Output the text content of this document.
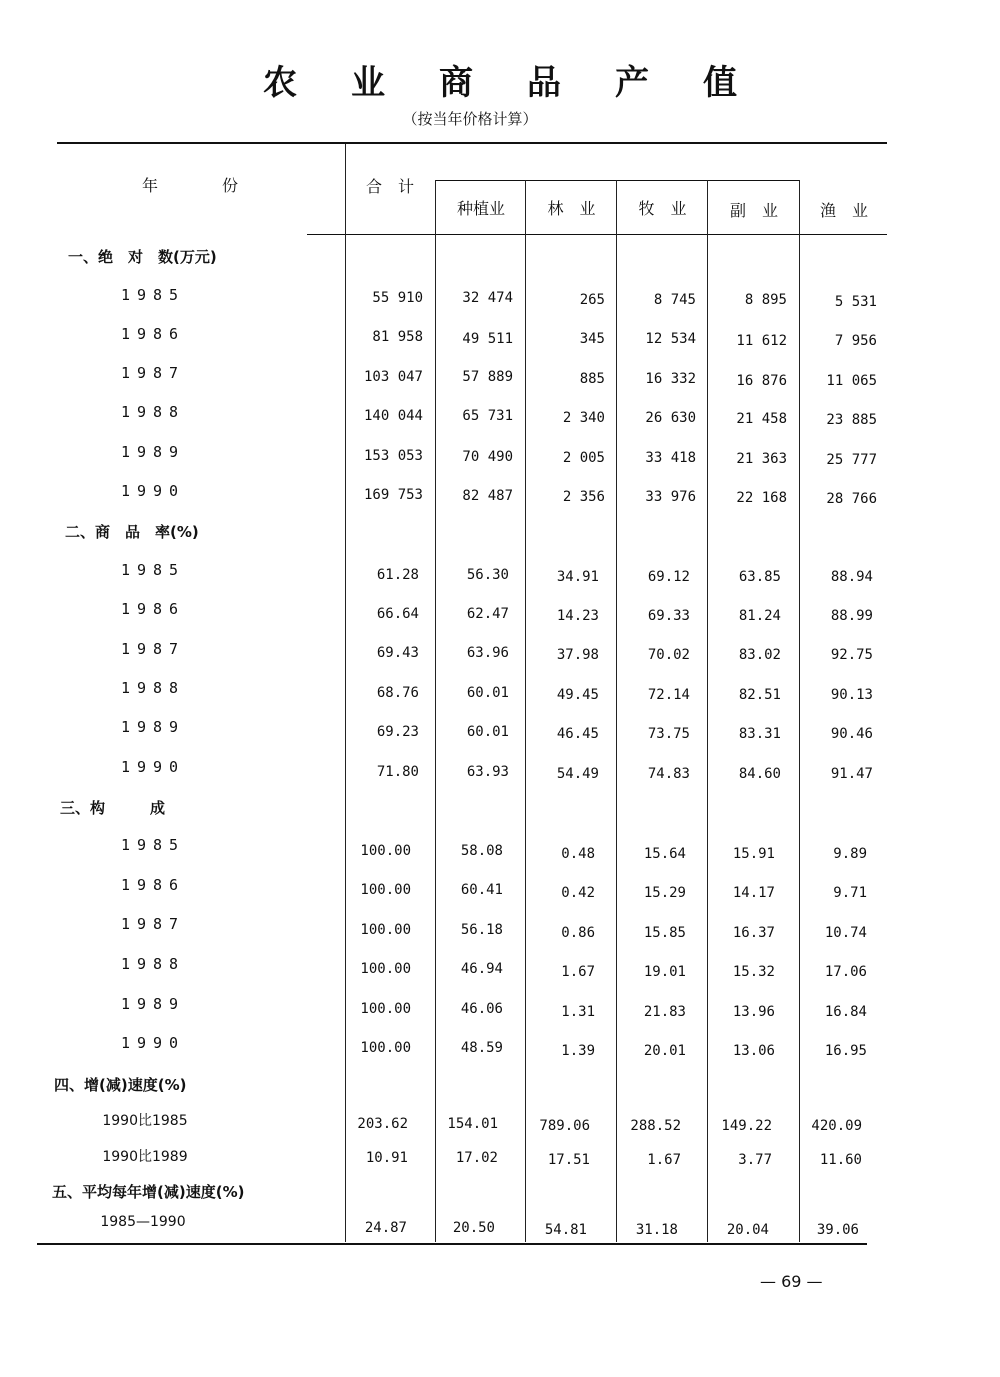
农业商品产值
（按当年价格计算）
年　　　　份	合　计
种植业	林　业	牧　业	副　业	渔　业
一、绝　对　数(万元)
1985	55 910	32 474	265	8 745	8 895	5 531
1986	81 958	49 511	345	12 534	11 612	7 956
1987	103 047	57 889	885	16 332	16 876	11 065
1988	140 044	65 731	2 340	26 630	21 458	23 885
1989	153 053	70 490	2 005	33 418	21 363	25 777
1990	169 753	82 487	2 356	33 976	22 168	28 766
二、商　品　率(%)
1985	61.28	56.30	34.91	69.12	63.85	88.94
1986	66.64	62.47	14.23	69.33	81.24	88.99
1987	69.43	63.96	37.98	70.02	83.02	92.75
1988	68.76	60.01	49.45	72.14	82.51	90.13
1989	69.23	60.01	46.45	73.75	83.31	90.46
1990	71.80	63.93	54.49	74.83	84.60	91.47
三、构　　　成
1985	100.00	58.08	0.48	15.64	15.91	9.89
1986	100.00	60.41	0.42	15.29	14.17	9.71
1987	100.00	56.18	0.86	15.85	16.37	10.74
1988	100.00	46.94	1.67	19.01	15.32	17.06
1989	100.00	46.06	1.31	21.83	13.96	16.84
1990	100.00	48.59	1.39	20.01	13.06	16.95
四、增(减)速度(%)
1990比1985	203.62	154.01	789.06	288.52	149.22	420.09
1990比1989	10.91	17.02	17.51	1.67	3.77	11.60
五、平均每年增(减)速度(%)
1985—1990	24.87	20.50	54.81	31.18	20.04	39.06
— 69 —
